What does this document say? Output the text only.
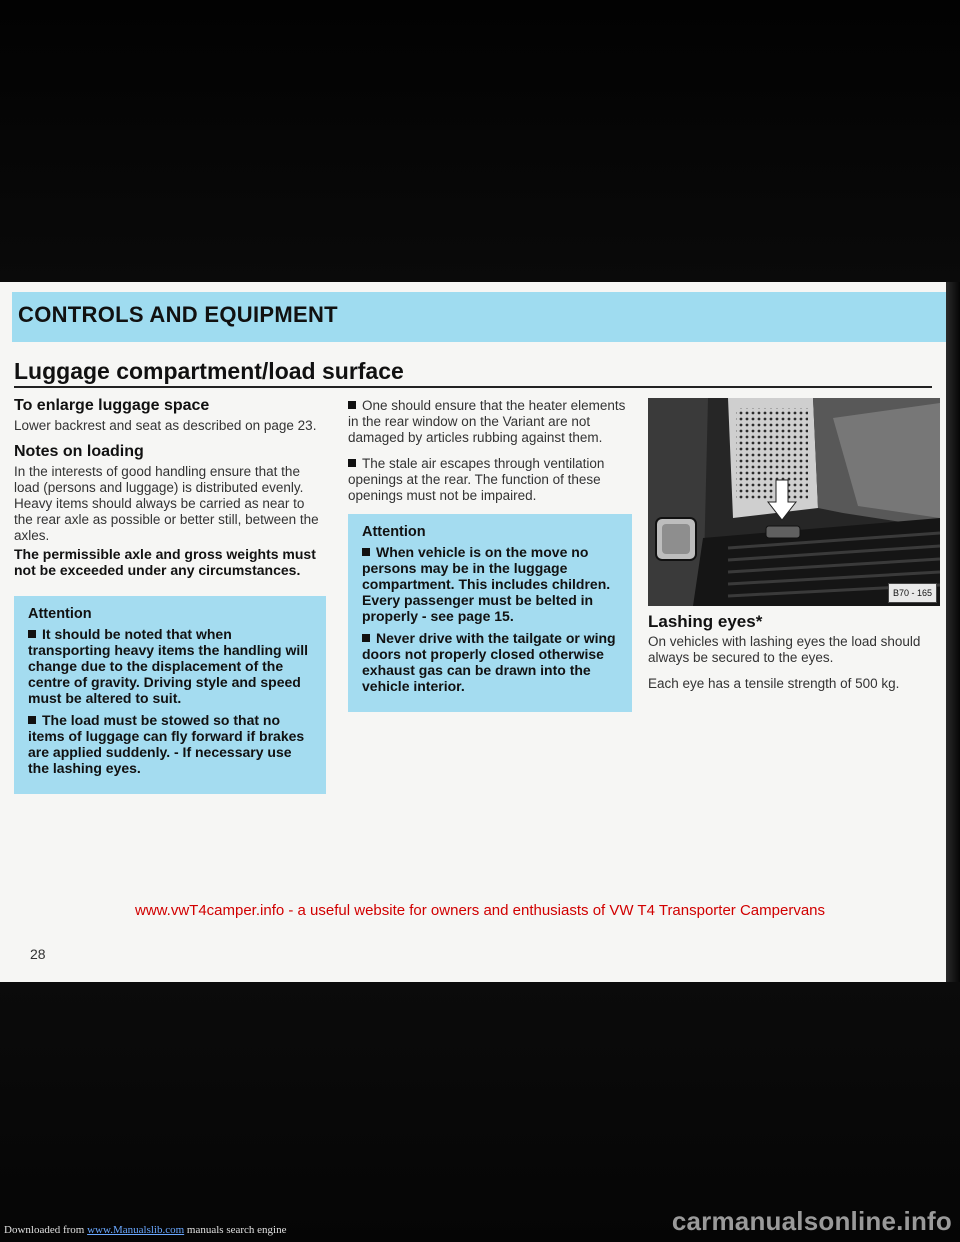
CONTROLS AND EQUIPMENT
Luggage compartment/load surface
To enlarge luggage space

Lower backrest and seat as described on page 23.

Notes on loading

In the interests of good handling ensure that the load (persons and luggage) is distributed evenly. Heavy items should always be carried as near to the rear axle as possible or better still, between the axles.

The permissible axle and gross weights must not be exceeded under any circumstances.

Attention
It should be noted that when transporting heavy items the handling will change due to the displacement of the centre of gravity. Driving style and speed must be altered to suit.
The load must be stowed so that no items of luggage can fly forward if brakes are applied suddenly. - If necessary use the lashing eyes.

One should ensure that the heater elements in the rear window on the Variant are not damaged by articles rubbing against them.

The stale air escapes through ventilation openings at the rear. The function of these openings must not be impaired.

Attention
When vehicle is on the move no persons may be in the luggage compartment. This includes children. Every passenger must be belted in properly - see page 15.
Never drive with the tailgate or wing doors not properly closed otherwise exhaust gas can be drawn into the vehicle interior.
B70 - 165
Lashing eyes*

On vehicles with lashing eyes the load should always be secured to the eyes.

Each eye has a tensile strength of 500 kg.

www.vwT4camper.info - a useful website for owners and enthusiasts of VW T4 Transporter Campervans
28
Downloaded from www.Manualslib.com manuals search engine	carmanualsonline.info
